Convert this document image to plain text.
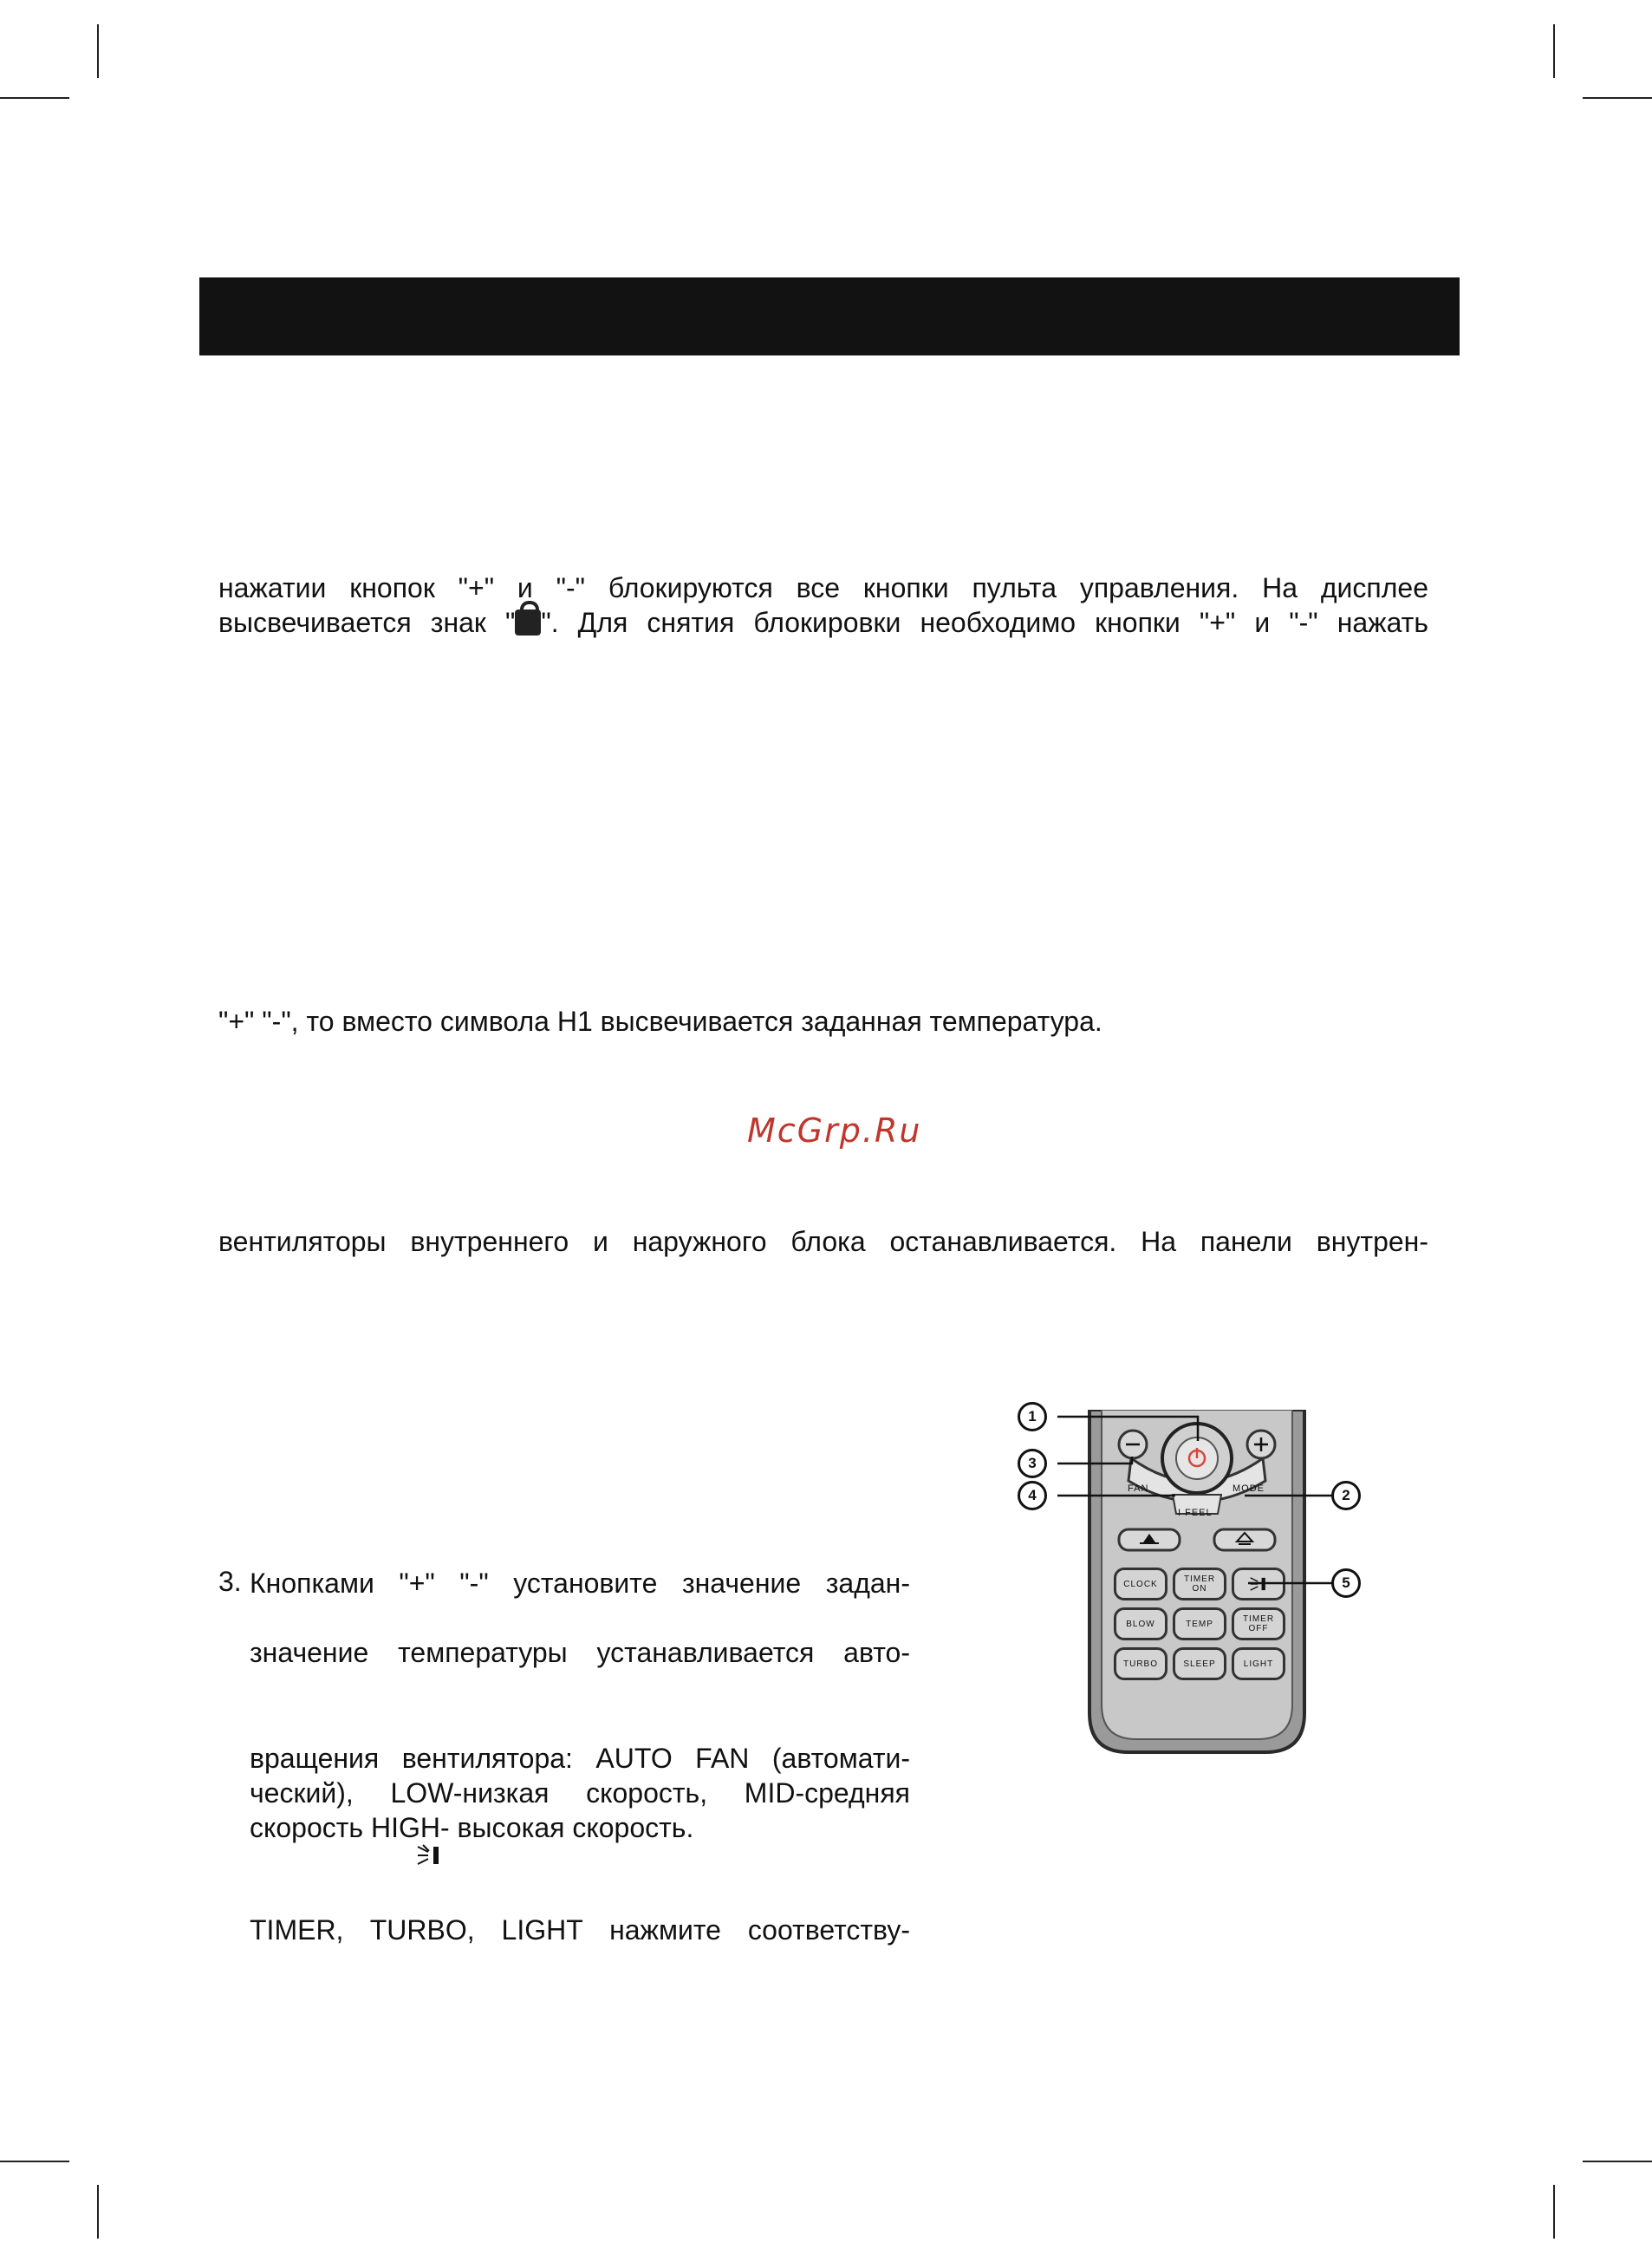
нажатии кнопок "+" и "-" блокируются все кнопки пульта управления. На дисплее
высвечивается знак " ". Для снятия блокировки необходимо кнопки "+" и "-" нажать
"+" "-", то вместо символа H1 высвечивается заданная температура.
McGrp.Ru
вентиляторы внутреннего и наружного блока останавливается. На панели внутрен-
3. Кнопками "+" "-" установите значение задан-
значение температуры устанавливается авто-
вращения вентилятора: AUTO FAN (автомати-
ческий), LOW-низкая скорость, MID-средняя
скорость HIGH- высокая скорость.
TIMER, TURBO, LIGHT нажмите соответству-
FAN	MODE
I FEEL
CLOCK	TIMER ON
BLOW	TEMP	TIMER OFF
TURBO	SLEEP	LIGHT
1
3
4	2
5
